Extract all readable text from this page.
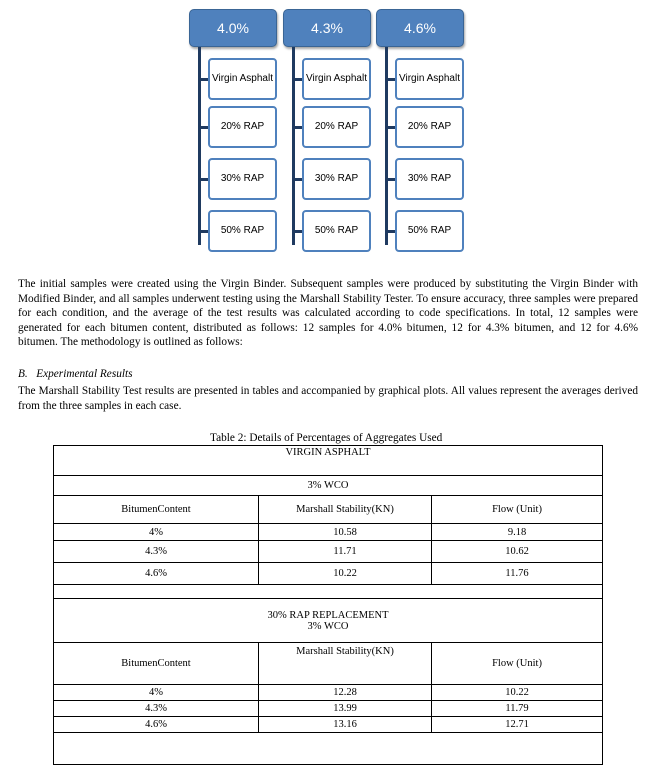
4.0%
Virgin Asphalt
20% RAP
30% RAP
50% RAP
4.3%
Virgin Asphalt
20% RAP
30% RAP
50% RAP
4.6%
Virgin Asphalt
20% RAP
30% RAP
50% RAP
The initial samples were created using the Virgin Binder. Subsequent samples were produced by substituting the Virgin Binder with Modified Binder, and all samples underwent testing using the Marshall Stability Tester. To ensure accuracy, three samples were prepared for each condition, and the average of the test results was calculated according to code specifications. In total, 12 samples were generated for each bitumen content, distributed as follows: 12 samples for 4.0% bitumen, 12 for 4.3% bitumen, and 12 for 4.6% bitumen. The methodology is outlined as follows:
B. Experimental Results
The Marshall Stability Test results are presented in tables and accompanied by graphical plots. All values represent the averages derived from the three samples in each case.
Table 2: Details of Percentages of Aggregates Used
VIRGIN ASPHALT		
3% WCO		
BitumenContent	Marshall Stability(KN)	Flow (Unit)
4%	10.58	9.18
4.3%	11.71	10.62
4.6%	10.22	11.76

30% RAP REPLACEMENT		
3% WCO		
BitumenContent	Marshall Stability(KN)	Flow (Unit)
4%	12.28	10.22
4.3%	13.99	11.79
4.6%	13.16	12.71
